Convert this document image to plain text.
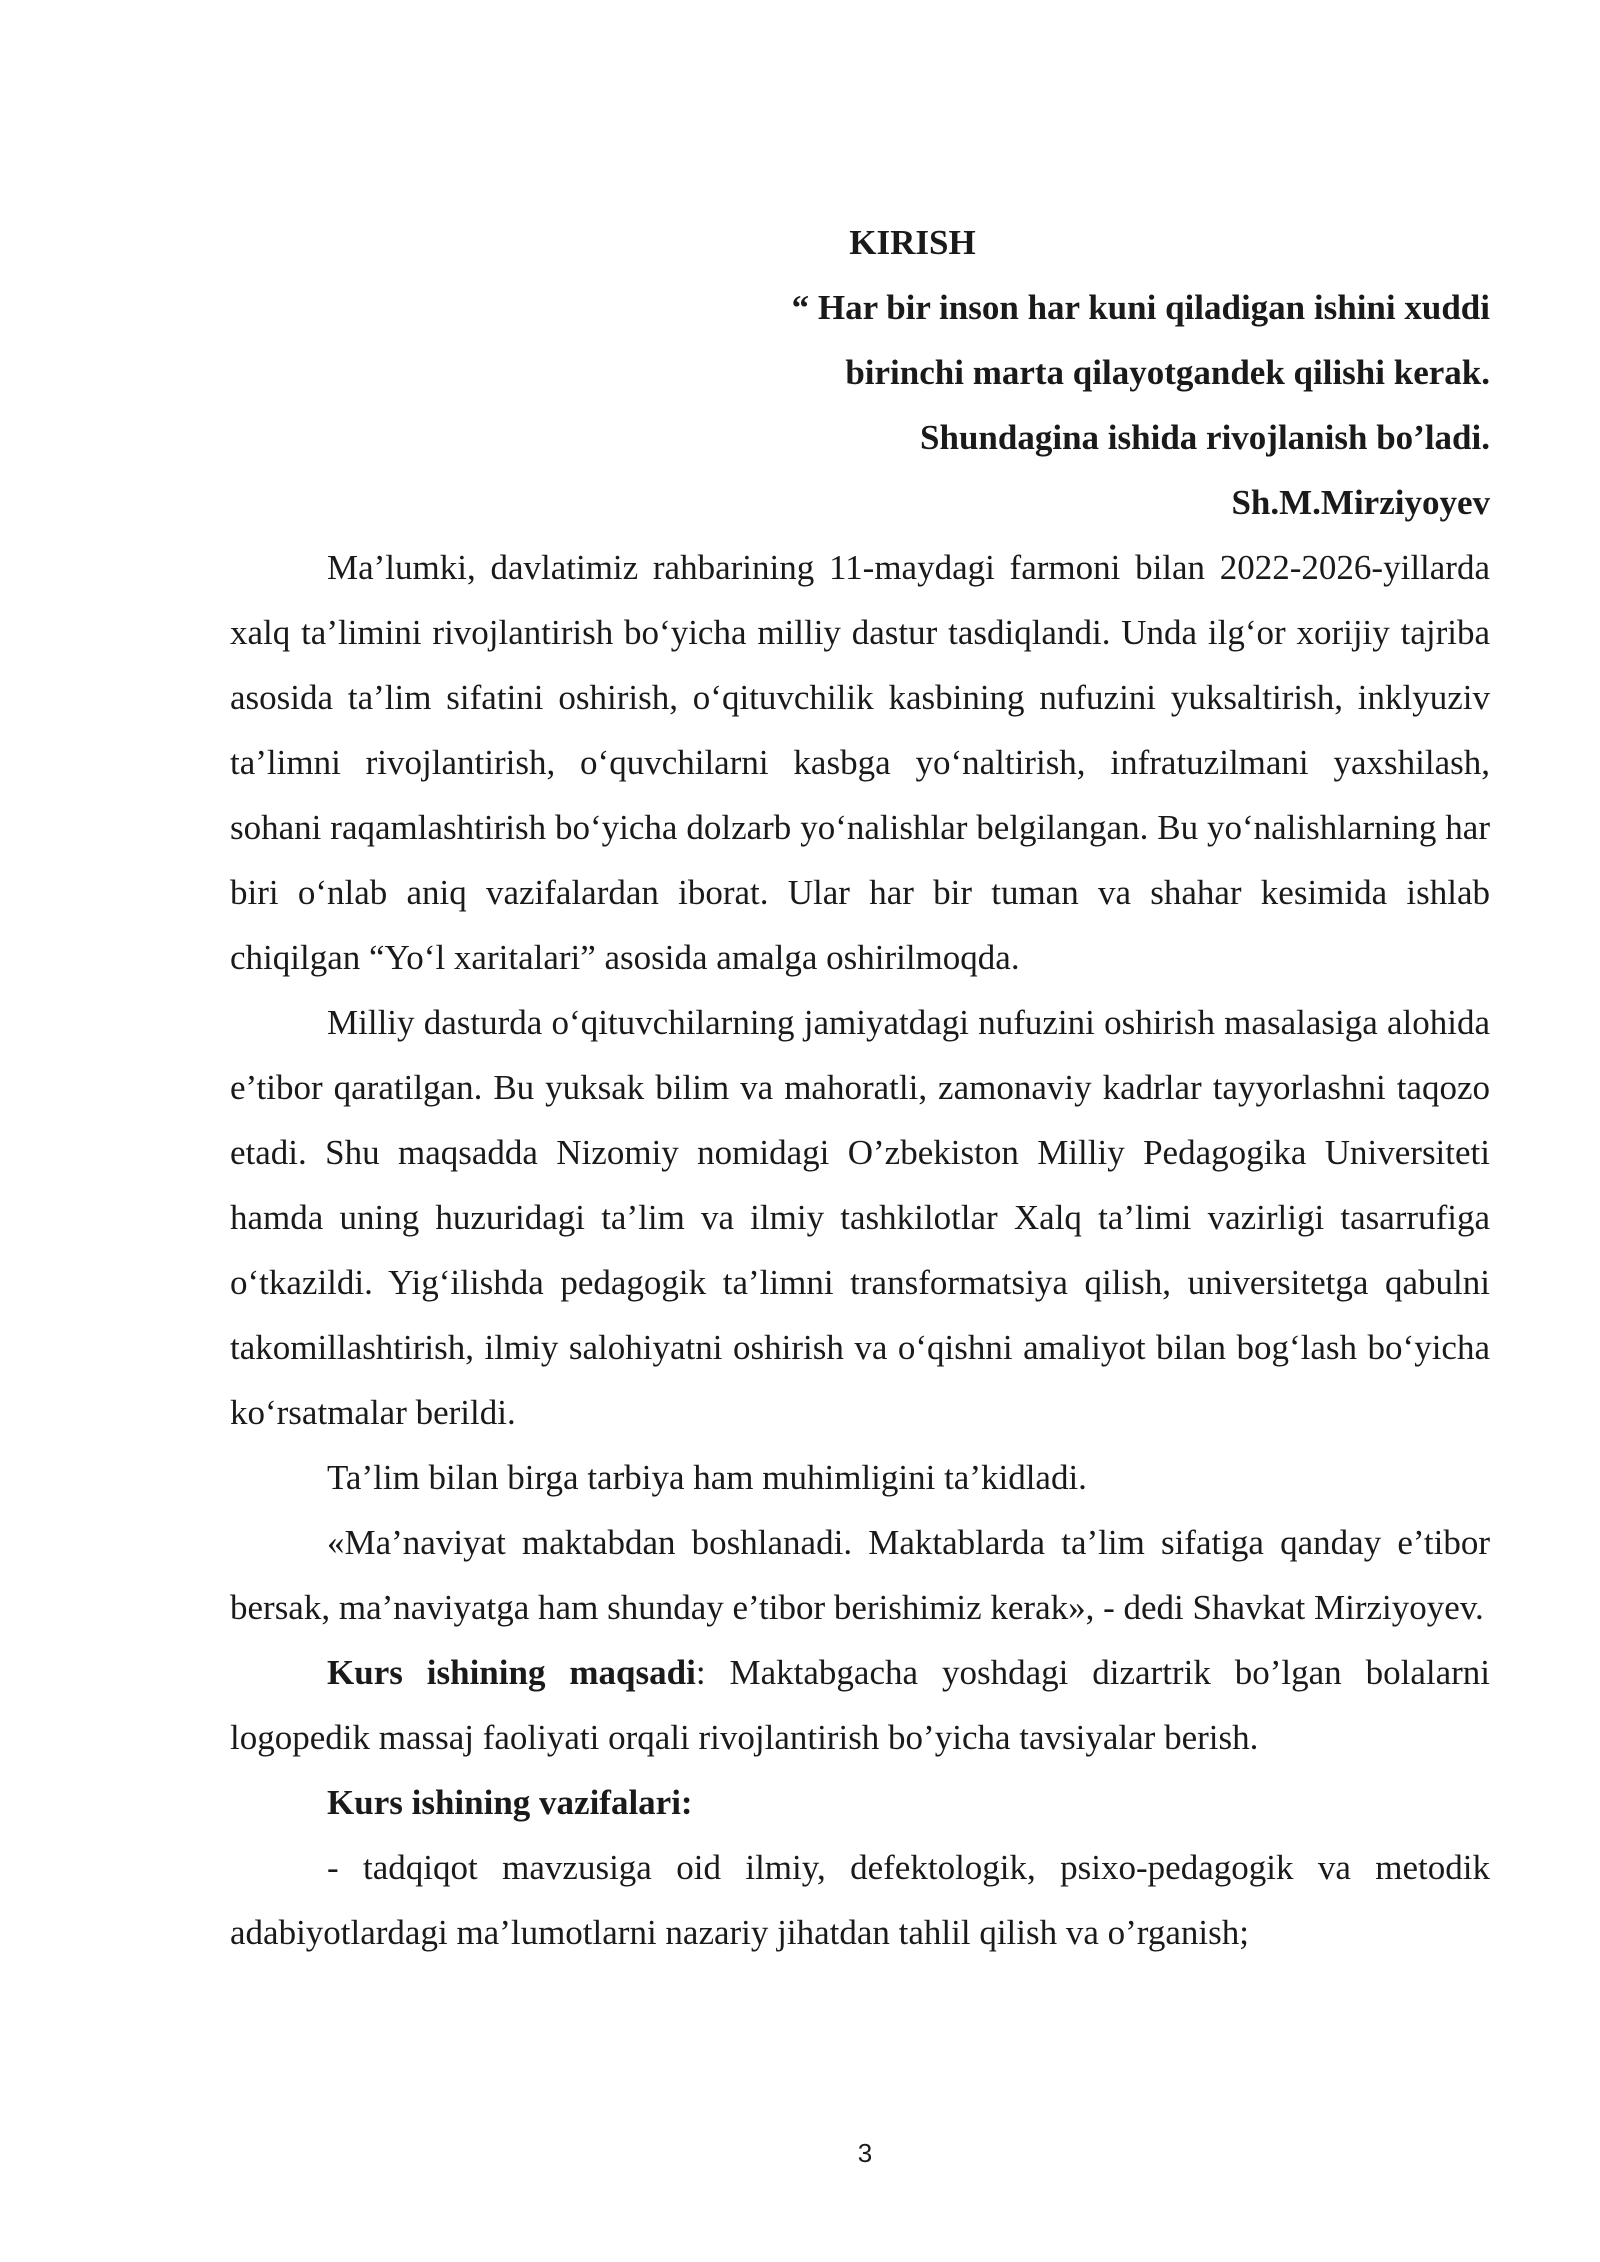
KIRISH

“ Har bir inson har kuni qiladigan ishini xuddi
birinchi marta qilayotgandek qilishi kerak.
Shundagina ishida rivojlanish bo’ladi.
Sh.M.Mirziyoyev

Ma’lumki, davlatimiz rahbarining 11-maydagi farmoni bilan 2022-2026-yillarda xalq ta’limini rivojlantirish bo‘yicha milliy dastur tasdiqlandi. Unda ilg‘or xorijiy tajriba asosida ta’lim sifatini oshirish, o‘qituvchilik kasbining nufuzini yuksaltirish, inklyuziv ta’limni rivojlantirish, o‘quvchilarni kasbga yo‘naltirish, infratuzilmani yaxshilash, sohani raqamlashtirish bo‘yicha dolzarb yo‘nalishlar belgilangan. Bu yo‘nalishlarning har biri o‘nlab aniq vazifalardan iborat. Ular har bir tuman va shahar kesimida ishlab chiqilgan “Yo‘l xaritalari” asosida amalga oshirilmoqda.

Milliy dasturda o‘qituvchilarning jamiyatdagi nufuzini oshirish masalasiga alohida e’tibor qaratilgan. Bu yuksak bilim va mahoratli, zamonaviy kadrlar tayyorlashni taqozo etadi. Shu maqsadda Nizomiy nomidagi O’zbekiston Milliy Pedagogika Universiteti hamda uning huzuridagi ta’lim va ilmiy tashkilotlar Xalq ta’limi vazirligi tasarrufiga o‘tkazildi. Yig‘ilishda pedagogik ta’limni transformatsiya qilish, universitetga qabulni takomillashtirish, ilmiy salohiyatni oshirish va o‘qishni amaliyot bilan bog‘lash bo‘yicha ko‘rsatmalar berildi.

Ta’lim bilan birga tarbiya ham muhimligini ta’kidladi.

«Ma’naviyat maktabdan boshlanadi. Maktablarda ta’lim sifatiga qanday e’tibor bersak, ma’naviyatga ham shunday e’tibor berishimiz kerak», - dedi Shavkat Mirziyoyev.

Kurs ishining maqsadi: Maktabgacha yoshdagi dizartrik bo’lgan bolalarni logopedik massaj faoliyati orqali rivojlantirish bo’yicha tavsiyalar berish.

Kurs ishining vazifalari:

- tadqiqot mavzusiga oid ilmiy, defektologik, psixo-pedagogik va metodik adabiyotlardagi ma’lumotlarni nazariy jihatdan tahlil qilish va o’rganish;

3
